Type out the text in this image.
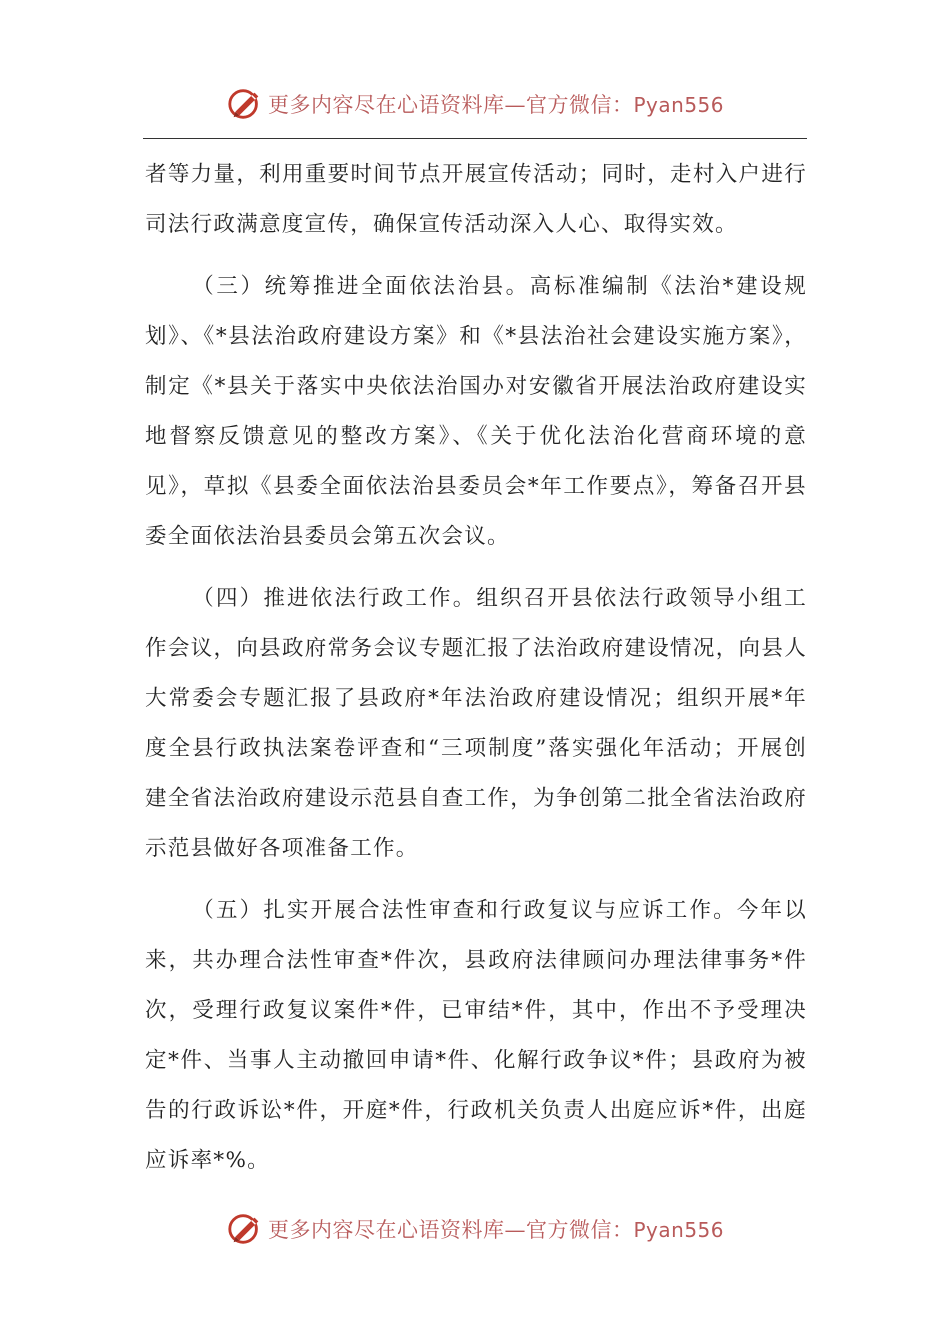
更多内容尽在心语资料库—官方微信：Pyan556

者等力量，利用重要时间节点开展宣传活动；同时，走村入户进行司法行政满意度宣传，确保宣传活动深入人心、取得实效。

（三）统筹推进全面依法治县。高标准编制《法治*建设规划》、《*县法治政府建设方案》和《*县法治社会建设实施方案》，制定《*县关于落实中央依法治国办对安徽省开展法治政府建设实地督察反馈意见的整改方案》、《关于优化法治化营商环境的意见》，草拟《县委全面依法治县委员会*年工作要点》，筹备召开县委全面依法治县委员会第五次会议。

（四）推进依法行政工作。组织召开县依法行政领导小组工作会议，向县政府常务会议专题汇报了法治政府建设情况，向县人大常委会专题汇报了县政府*年法治政府建设情况；组织开展*年度全县行政执法案卷评查和“三项制度”落实强化年活动；开展创建全省法治政府建设示范县自查工作，为争创第二批全省法治政府示范县做好各项准备工作。

（五）扎实开展合法性审查和行政复议与应诉工作。今年以来，共办理合法性审查*件次，县政府法律顾问办理法律事务*件次，受理行政复议案件*件，已审结*件，其中，作出不予受理决定*件、当事人主动撤回申请*件、化解行政争议*件；县政府为被告的行政诉讼*件，开庭*件，行政机关负责人出庭应诉*件，出庭应诉率*%。

更多内容尽在心语资料库—官方微信：Pyan556
